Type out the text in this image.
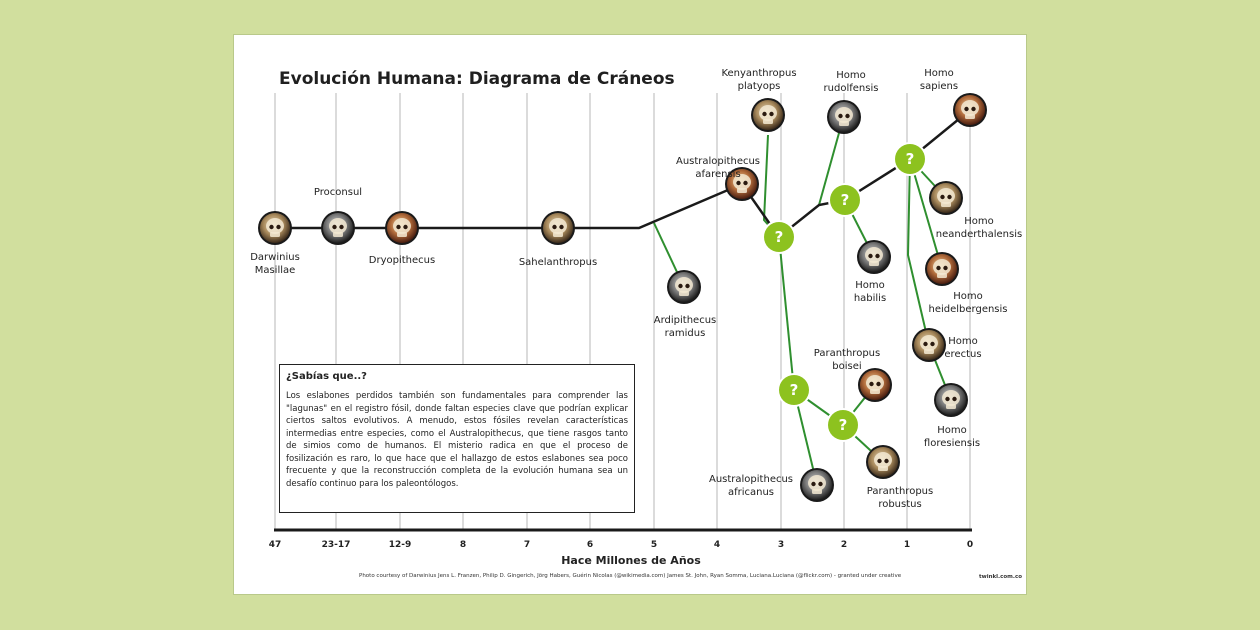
Evolución Humana: Diagrama de Cráneos
?
?
?
?
?
Darwinius
Masillae
Proconsul
Dryopithecus	Sahelanthropus
Ardipithecus
ramidus
Australopithecus
afarensis
Kenyanthropus
platyops
Homo
rudolfensis
Homo
sapiens
Homo
neanderthalensis
Homo
habilis	Homo
heidelbergensis
Homo
erectus
Homo
floresiensis
Paranthropus
boisei
Paranthropus
robustus
Australopithecus
africanus
47	23-17	12-9	8	7	6	5	4	3	2	1	0
Hace Millones de Años
¿Sabías que..?
Los eslabones perdidos también son fundamentales para comprender las "lagunas" en el registro fósil, donde faltan especies clave que podrían explicar ciertos saltos evolutivos. A menudo, estos fósiles revelan características intermedias entre especies, como el Australopithecus, que tiene rasgos tanto de simios como de humanos. El misterio radica en que el proceso de fosilización es raro, lo que hace que el hallazgo de estos eslabones sea poco frecuente y que la reconstrucción completa de la evolución humana sea un desafío continuo para los paleontólogos.
Photo courtesy of Darwinius Jens L. Franzen, Philip D. Gingerich, Jörg Habers, Guérin Nicolas (@wikimedia.com) James St. John, Ryan Somma, Luciana.Luciana (@flickr.com) - granted under creative	twinkl.com.co
